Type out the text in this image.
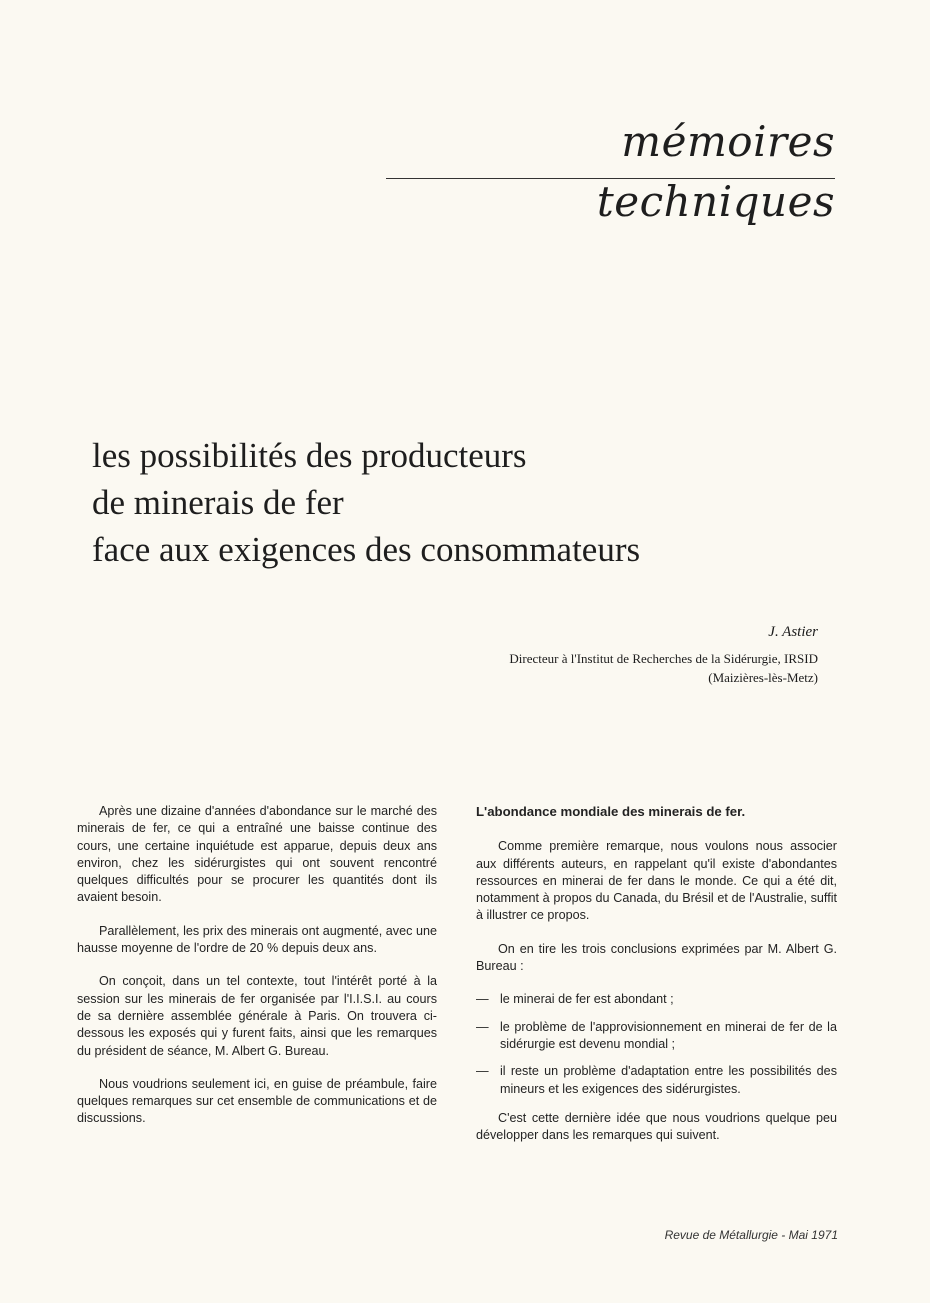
mémoires techniques
les possibilités des producteurs
de minerais de fer
face aux exigences des consommateurs
J. Astier
Directeur à l'Institut de Recherches de la Sidérurgie, IRSID
(Maizières-lès-Metz)

Après une dizaine d'années d'abondance sur le marché des minerais de fer, ce qui a entraîné une baisse continue des cours, une certaine inquiétude est apparue, depuis deux ans environ, chez les sidérurgistes qui ont souvent rencontré quelques difficultés pour se procurer les quantités dont ils avaient besoin.

Parallèlement, les prix des minerais ont augmenté, avec une hausse moyenne de l'ordre de 20 % depuis deux ans.

On conçoit, dans un tel contexte, tout l'intérêt porté à la session sur les minerais de fer organisée par l'I.I.S.I. au cours de sa dernière assemblée générale à Paris. On trouvera ci-dessous les exposés qui y furent faits, ainsi que les remarques du président de séance, M. Albert G. Bureau.

Nous voudrions seulement ici, en guise de préambule, faire quelques remarques sur cet ensemble de communications et de discussions.

L'abondance mondiale des minerais de fer.

Comme première remarque, nous voulons nous associer aux différents auteurs, en rappelant qu'il existe d'abondantes ressources en minerai de fer dans le monde. Ce qui a été dit, notamment à propos du Canada, du Brésil et de l'Australie, suffit à illustrer ce propos.

On en tire les trois conclusions exprimées par M. Albert G. Bureau :

— le minerai de fer est abondant ;
— le problème de l'approvisionnement en minerai de fer de la sidérurgie est devenu mondial ;
— il reste un problème d'adaptation entre les possibilités des mineurs et les exigences des sidérurgistes.

C'est cette dernière idée que nous voudrions quelque peu développer dans les remarques qui suivent.

Revue de Métallurgie - Mai 1971
